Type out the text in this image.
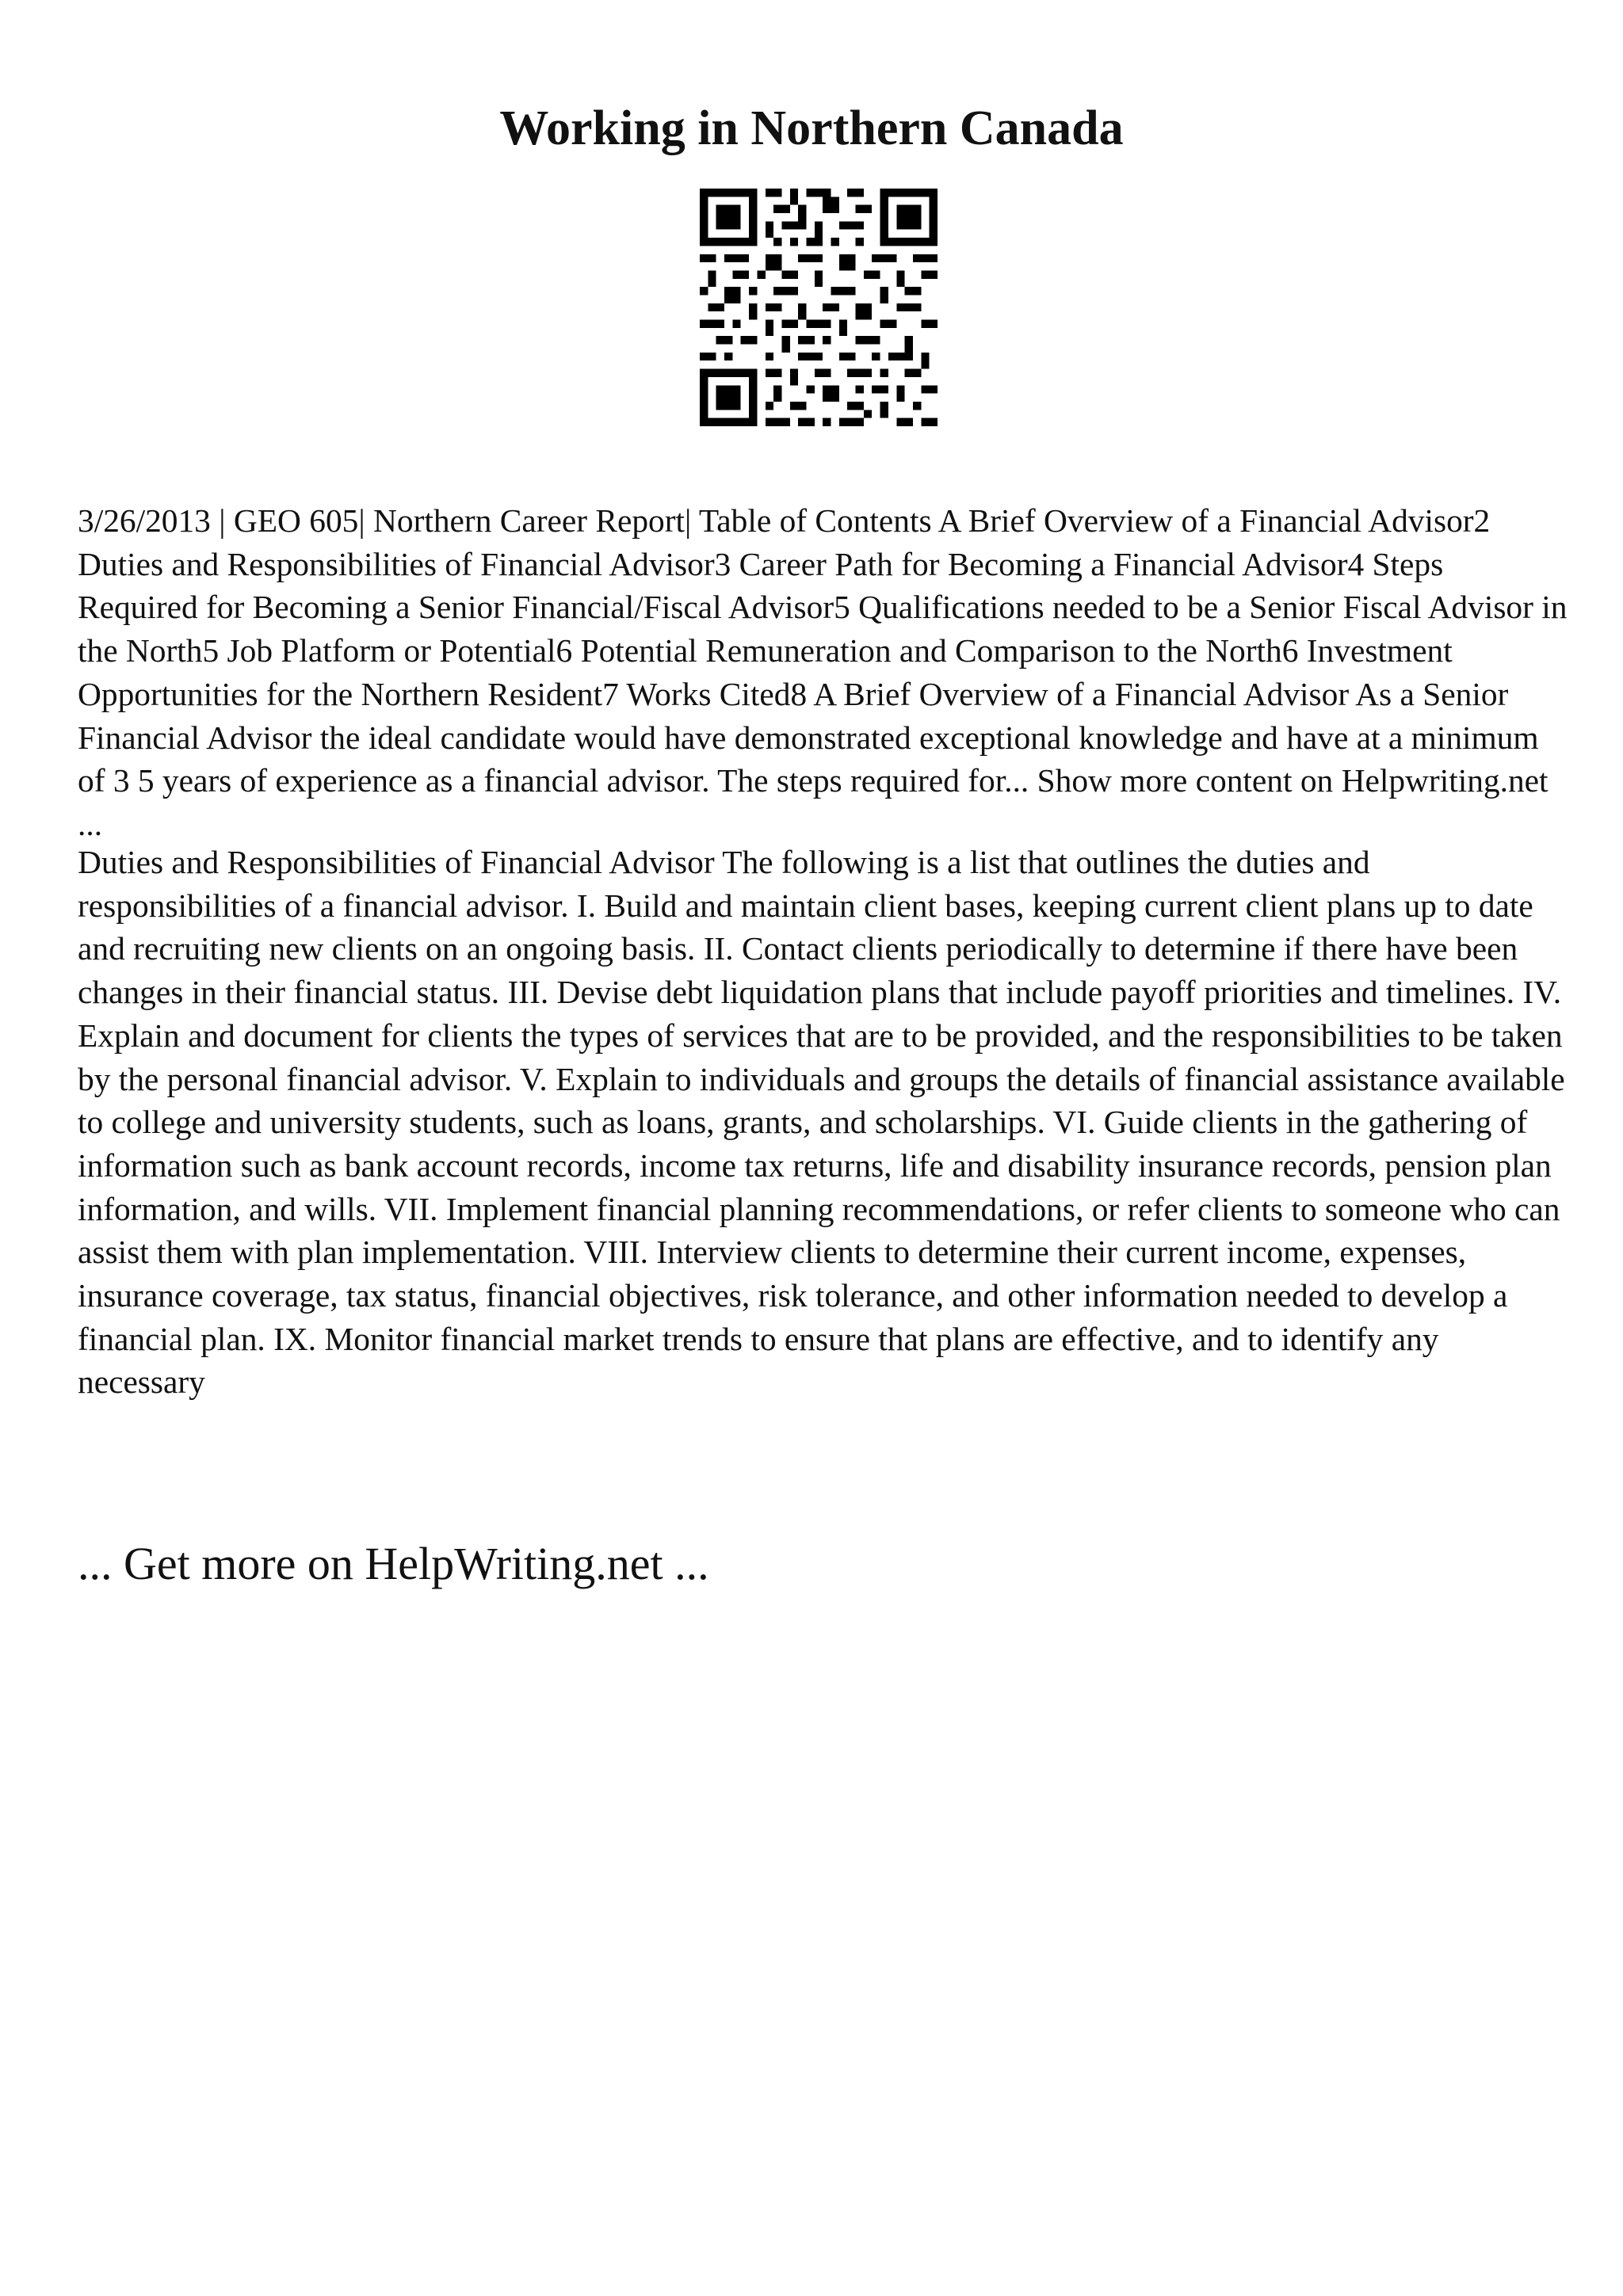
Working in Northern Canada

3/26/2013 | GEO 605| Northern Career Report| Table of Contents A Brief Overview of a Financial Advisor2 Duties and Responsibilities of Financial Advisor3 Career Path for Becoming a Financial Advisor4 Steps Required for Becoming a Senior Financial/Fiscal Advisor5 Qualifications needed to be a Senior Fiscal Advisor in the North5 Job Platform or Potential6 Potential Remuneration and Comparison to the North6 Investment Opportunities for the Northern Resident7 Works Cited8 A Brief Overview of a Financial Advisor As a Senior Financial Advisor the ideal candidate would have demonstrated exceptional knowledge and have at a minimum of 3 5 years of experience as a financial advisor. The steps required for... Show more content on Helpwriting.net ...

Duties and Responsibilities of Financial Advisor The following is a list that outlines the duties and responsibilities of a financial advisor. I. Build and maintain client bases, keeping current client plans up to date and recruiting new clients on an ongoing basis. II. Contact clients periodically to determine if there have been changes in their financial status. III. Devise debt liquidation plans that include payoff priorities and timelines. IV. Explain and document for clients the types of services that are to be provided, and the responsibilities to be taken by the personal financial advisor. V. Explain to individuals and groups the details of financial assistance available to college and university students, such as loans, grants, and scholarships. VI. Guide clients in the gathering of information such as bank account records, income tax returns, life and disability insurance records, pension plan information, and wills. VII. Implement financial planning recommendations, or refer clients to someone who can assist them with plan implementation. VIII. Interview clients to determine their current income, expenses, insurance coverage, tax status, financial objectives, risk tolerance, and other information needed to develop a financial plan. IX. Monitor financial market trends to ensure that plans are effective, and to identify any necessary

... Get more on HelpWriting.net ...
